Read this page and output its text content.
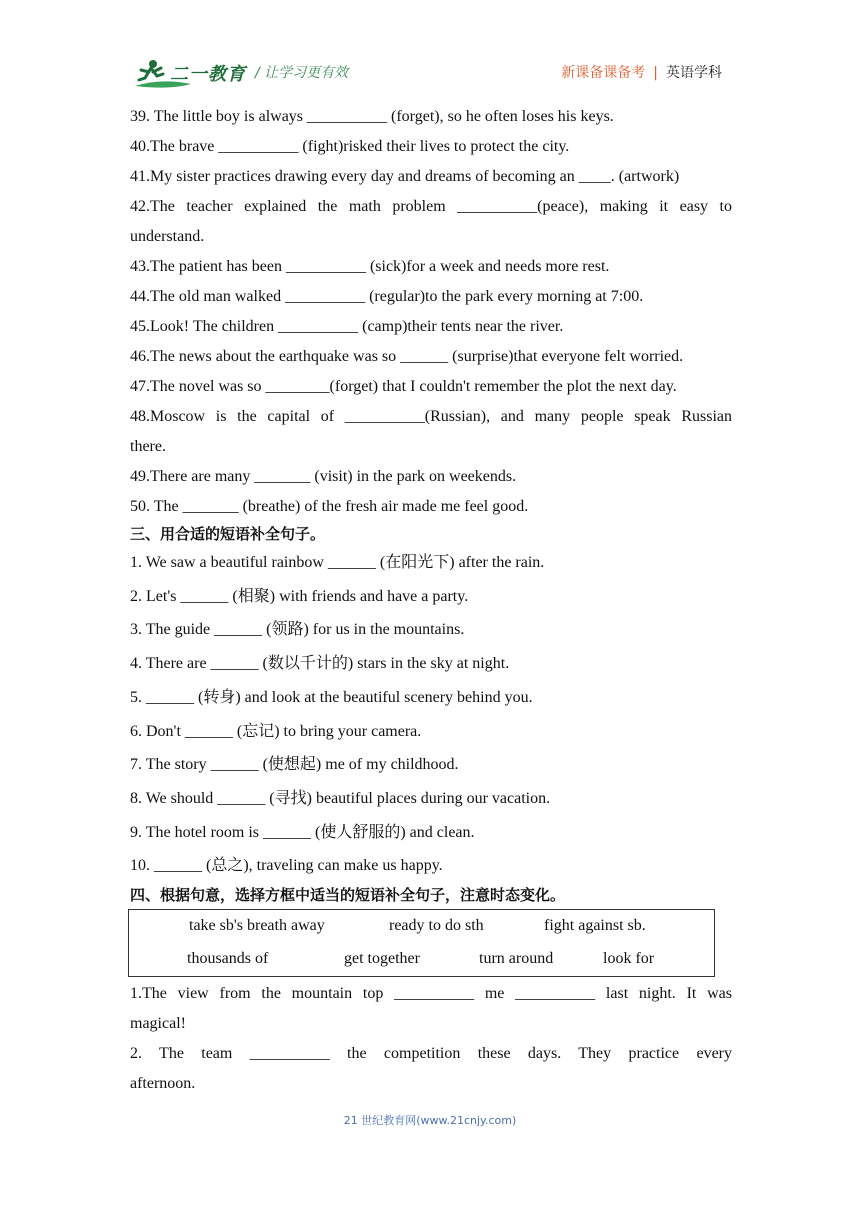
二一教育 / 让学习更有效	新课备课备考 | 英语学科
39. The little boy is always __________ (forget), so he often loses his keys.
40.The brave __________ (fight)risked their lives to protect the city.
41.My sister practices drawing every day and dreams of becoming an ____. (artwork)
42.The teacher explained the math problem __________(peace), making it easy to
understand.
43.The patient has been __________ (sick)for a week and needs more rest.
44.The old man walked __________ (regular)to the park every morning at 7:00.
45.Look! The children __________ (camp)their tents near the river.
46.The news about the earthquake was so ______ (surprise)that everyone felt worried.
47.The novel was so ________(forget) that I couldn't remember the plot the next day.
48.Moscow is the capital of __________(Russian), and many people speak Russian
there.
49.There are many _______ (visit) in the park on weekends.
50. The _______ (breathe) of the fresh air made me feel good.
三、用合适的短语补全句子。
1. We saw a beautiful rainbow ______ (在阳光下) after the rain.
2. Let's ______ (相聚) with friends and have a party.
3. The guide ______ (领路) for us in the mountains.
4. There are ______ (数以千计的) stars in the sky at night.
5. ______ (转身) and look at the beautiful scenery behind you.
6. Don't ______ (忘记) to bring your camera.
7. The story ______ (使想起) me of my childhood.
8. We should ______ (寻找) beautiful places during our vacation.
9. The hotel room is ______ (使人舒服的) and clean.
10. ______ (总之), traveling can make us happy.
四、根据句意，选择方框中适当的短语补全句子，注意时态变化。
take sb's breath away	ready to do sth	fight against sb.
thousands of	get together	turn around	look for
1.The view from the mountain top __________ me __________ last night. It was
magical!
2. The team __________ the competition these days. They practice every
afternoon.
21 世纪教育网(www.21cnjy.com)
